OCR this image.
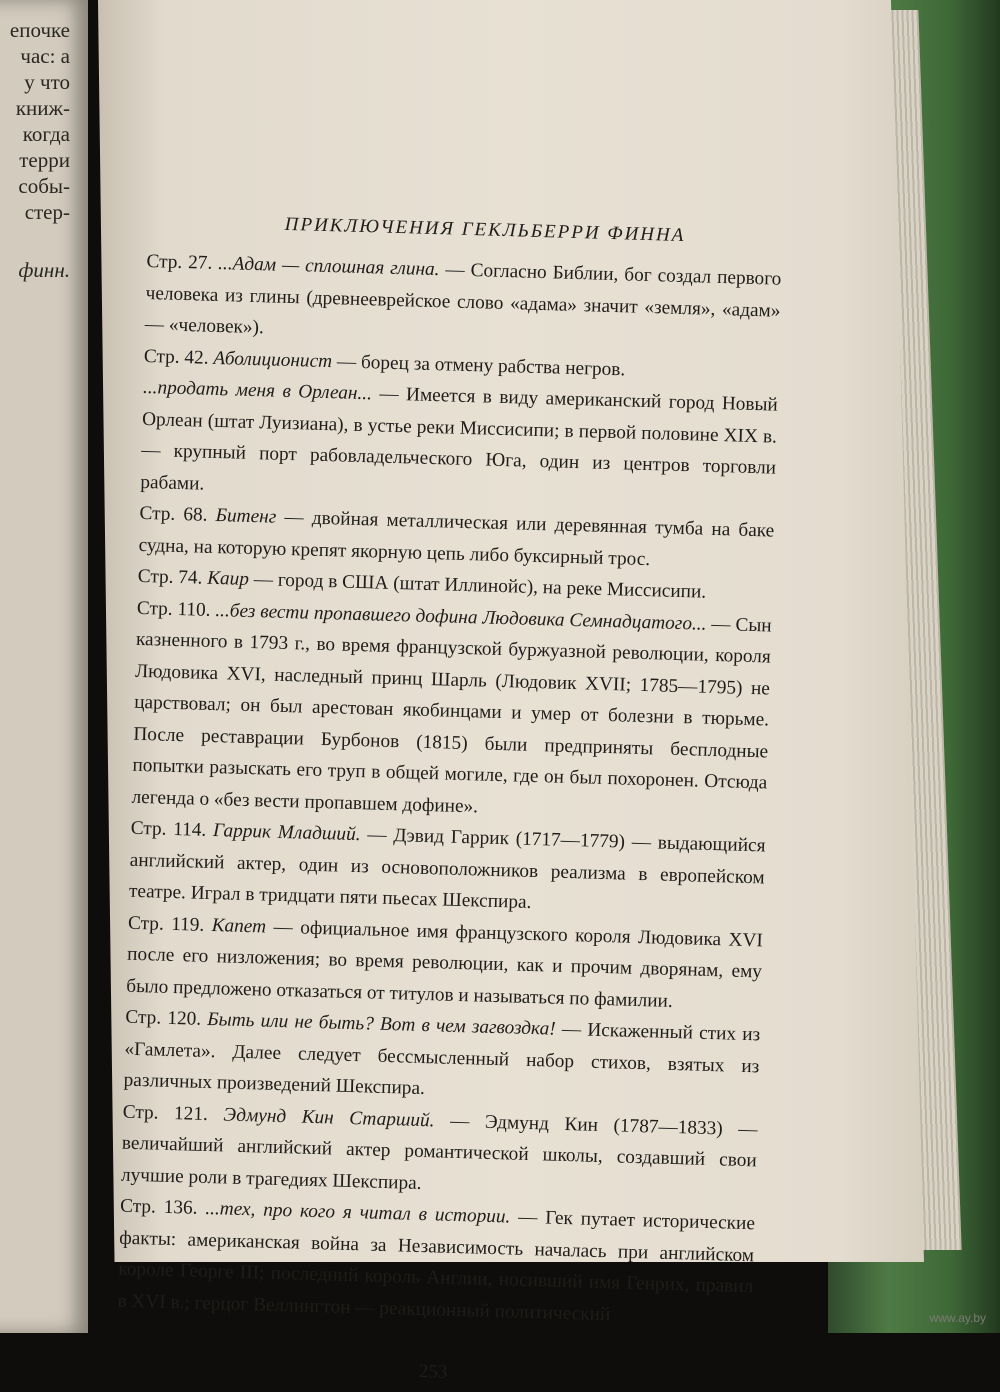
епочке
час: а
у что
книж-
когда
терри
собы-
стер-
финн.
ПРИКЛЮЧЕНИЯ ГЕКЛЬБЕРРИ ФИННА

Стр. 27. ...Адам — сплошная глина. — Согласно Библии, бог создал первого человека из глины (древнееврейское слово «адама» значит «земля», «адам» — «человек»).

Стр. 42. Аболиционист — борец за отмену рабства негров.

...продать меня в Орлеан... — Имеется в виду американский город Новый Орлеан (штат Луизиана), в устье реки Миссисипи; в первой половине XIX в.— крупный порт рабовладельческого Юга, один из центров торговли рабами.

Стр. 68. Битенг — двойная металлическая или деревянная тумба на баке судна, на которую крепят якорную цепь либо буксирный трос.

Стр. 74. Каир — город в США (штат Иллинойс), на реке Миссисипи.

Стр. 110. ...без вести пропавшего дофина Людовика Семнадцатого... — Сын казненного в 1793 г., во время французской буржуазной революции, короля Людовика XVI, наследный принц Шарль (Людовик XVII; 1785—1795) не царствовал; он был арестован якобинцами и умер от болезни в тюрьме. После реставрации Бурбонов (1815) были предприняты бесплодные попытки разыскать его труп в общей могиле, где он был похоронен. Отсюда легенда о «без вести пропавшем дофине».

Стр. 114. Гаррик Младший. — Дэвид Гаррик (1717—1779) — выдающийся английский актер, один из основоположников реализма в европейском театре. Играл в тридцати пяти пьесах Шекспира.

Стр. 119. Капет — официальное имя французского короля Людовика XVI после его низложения; во время революции, как и прочим дворянам, ему было предложено отказаться от титулов и называться по фамилии.

Стр. 120. Быть или не быть? Вот в чем загвоздка! — Искаженный стих из «Гамлета». Далее следует бессмысленный набор стихов, взятых из различных произведений Шекспира.

Стр. 121. Эдмунд Кин Старший. — Эдмунд Кин (1787—1833) — величайший английский актер романтической школы, создавший свои лучшие роли в трагедиях Шекспира.

Стр. 136. ...тех, про кого я читал в истории. — Гек путает исторические факты: американская война за Независимость началась при английском короле Георге III; последний король Англии, носивший имя Генрих, правил в XVI в.; герцог Веллингтон — реакционный политический

253
www.ay.by
